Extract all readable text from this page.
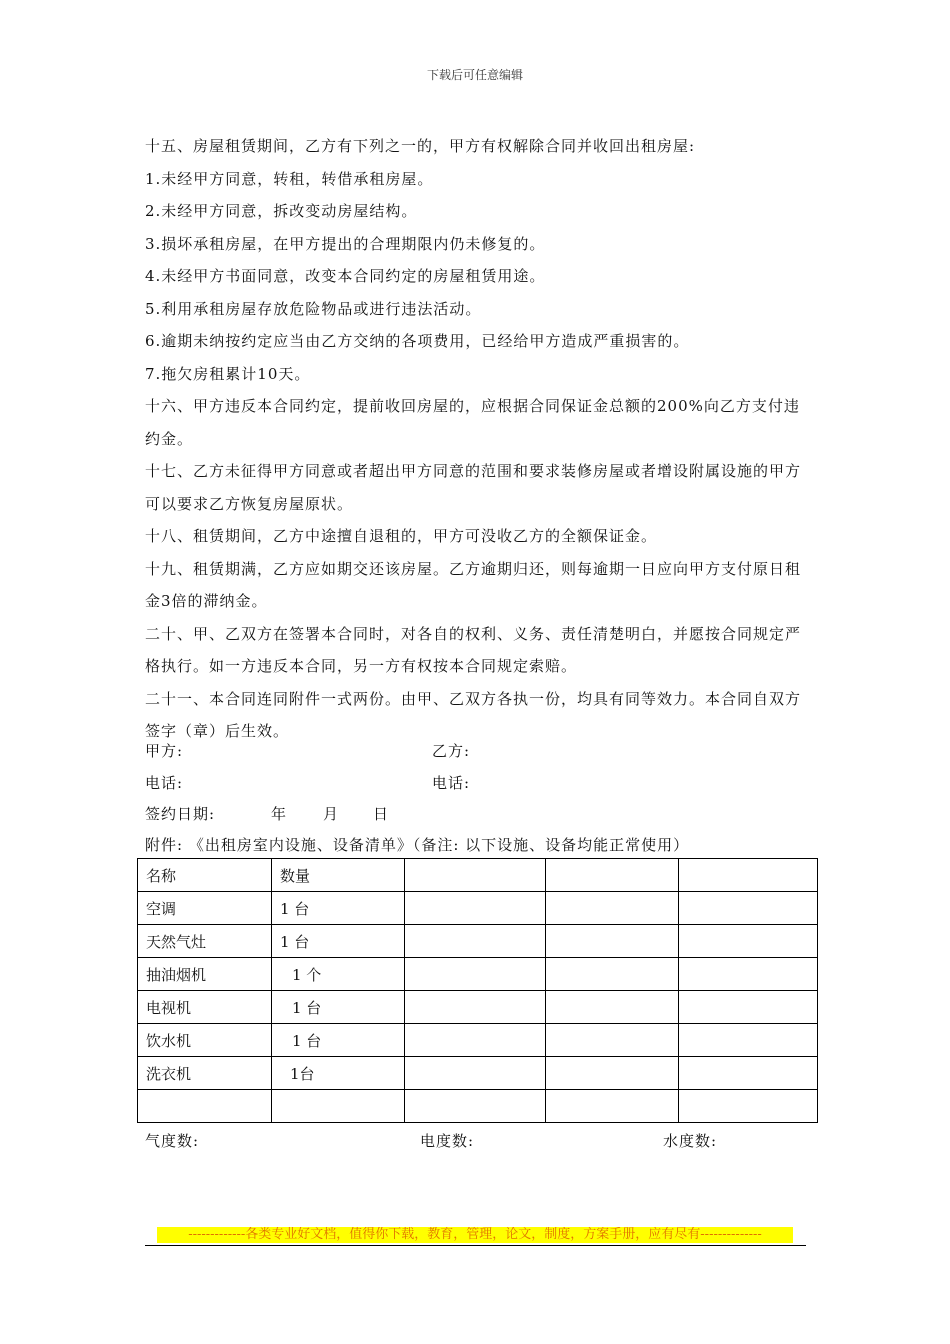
下载后可任意编辑

十五、房屋租赁期间，乙方有下列之一的，甲方有权解除合同并收回出租房屋:

1.未经甲方同意，转租，转借承租房屋。

2.未经甲方同意，拆改变动房屋结构。

3.损坏承租房屋，在甲方提出的合理期限内仍未修复的。

4.未经甲方书面同意，改变本合同约定的房屋租赁用途。

5.利用承租房屋存放危险物品或进行违法活动。

6.逾期未纳按约定应当由乙方交纳的各项费用，已经给甲方造成严重损害的。

7.拖欠房租累计10天。

十六、甲方违反本合同约定，提前收回房屋的，应根据合同保证金总额的200%向乙方支付违约金。

十七、乙方未征得甲方同意或者超出甲方同意的范围和要求装修房屋或者增设附属设施的甲方可以要求乙方恢复房屋原状。

十八、租赁期间，乙方中途擅自退租的，甲方可没收乙方的全额保证金。

十九、租赁期满，乙方应如期交还该房屋。乙方逾期归还，则每逾期一日应向甲方支付原日租金3倍的滞纳金。

二十、甲、乙双方在签署本合同时，对各自的权利、义务、责任清楚明白，并愿按合同规定严格执行。如一方违反本合同，另一方有权按本合同规定索赔。

二十一、本合同连同附件一式两份。由甲、乙双方各执一份，均具有同等效力。本合同自双方签字（章）后生效。

甲方:	乙方:
电话:	电话:
签约日期:	年 月 日
附件: 《出租房室内设施、设备清单》（备注: 以下设施、设备均能正常使用）
名称	数量			
空调	1 台			
天然气灶	1 台			
抽油烟机	1 个			
电视机	1 台			
饮水机	1 台			
洗衣机	1台			

气度数:	电度数:	水度数:
-------------各类专业好文档，值得你下载，教育，管理，论文，制度，方案手册，应有尽有--------------
